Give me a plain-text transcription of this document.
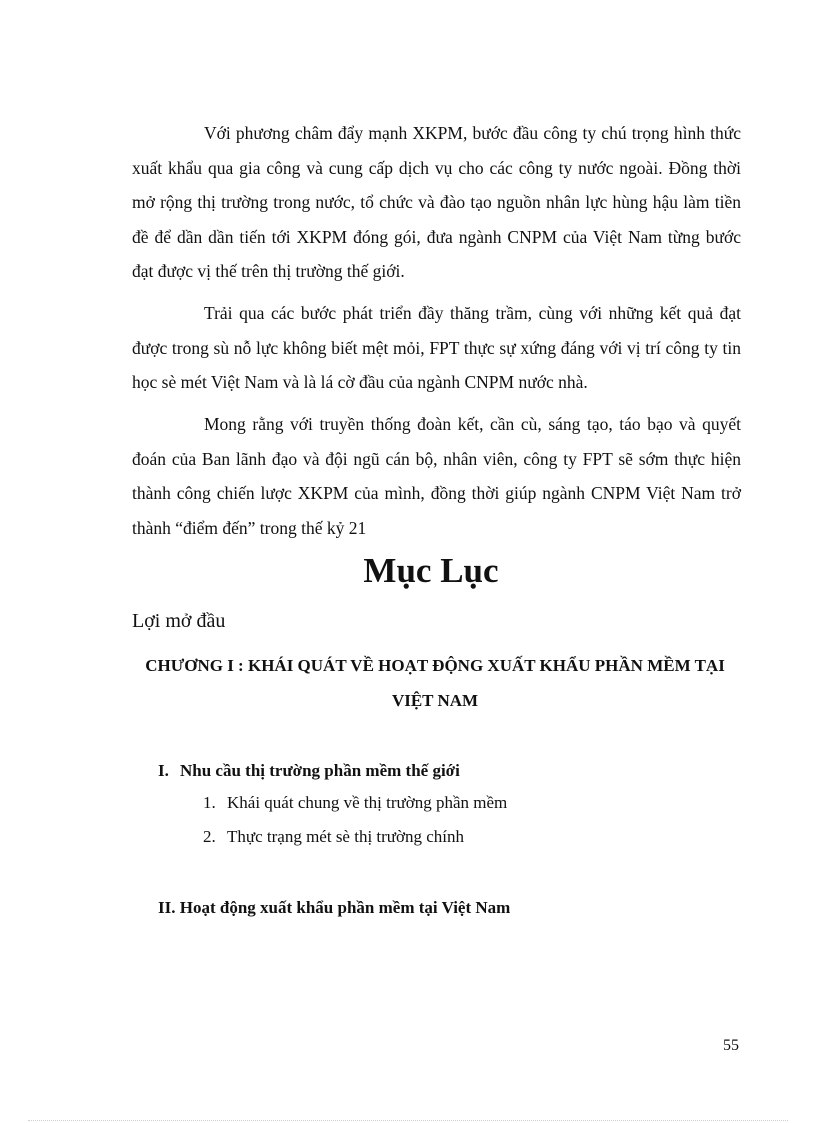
Với phương châm đẩy mạnh XKPM, bước đầu công ty chú trọng hình thức xuất khẩu qua gia công và cung cấp dịch vụ cho các công ty nước ngoài. Đồng thời mở rộng thị trường trong nước, tổ chức và đào tạo nguồn nhân lực hùng hậu làm tiền đề để dần dần tiến tới XKPM đóng gói, đưa ngành CNPM của Việt Nam từng bước đạt được vị thế trên thị trường thế giới.

Trải qua các bước phát triển đầy thăng trầm, cùng với những kết quả đạt được trong sù nỗ lực không biết mệt mỏi, FPT thực sự xứng đáng với vị trí công ty tin học sè mét Việt Nam và là lá cờ đầu của ngành CNPM nước nhà.

Mong rằng với truyền thống đoàn kết, cần cù, sáng tạo, táo bạo và quyết đoán của Ban lãnh đạo và đội ngũ cán bộ, nhân viên, công ty FPT sẽ sớm thực hiện thành công chiến lược XKPM của mình, đồng thời giúp ngành CNPM Việt Nam trở thành “điểm đến” trong thế kỷ 21

Mục Lục
Lợi mở đầu
CHƯƠNG I : KHÁI QUÁT VỀ HOẠT ĐỘNG XUẤT KHẨU PHẦN MỀM TẠI VIỆT NAM
I. Nhu cầu thị trường phần mềm thế giới
1. Khái quát chung về thị trường phần mềm
2. Thực trạng mét sè thị trường chính
II. Hoạt động xuất khẩu phần mềm tại Việt Nam
55
